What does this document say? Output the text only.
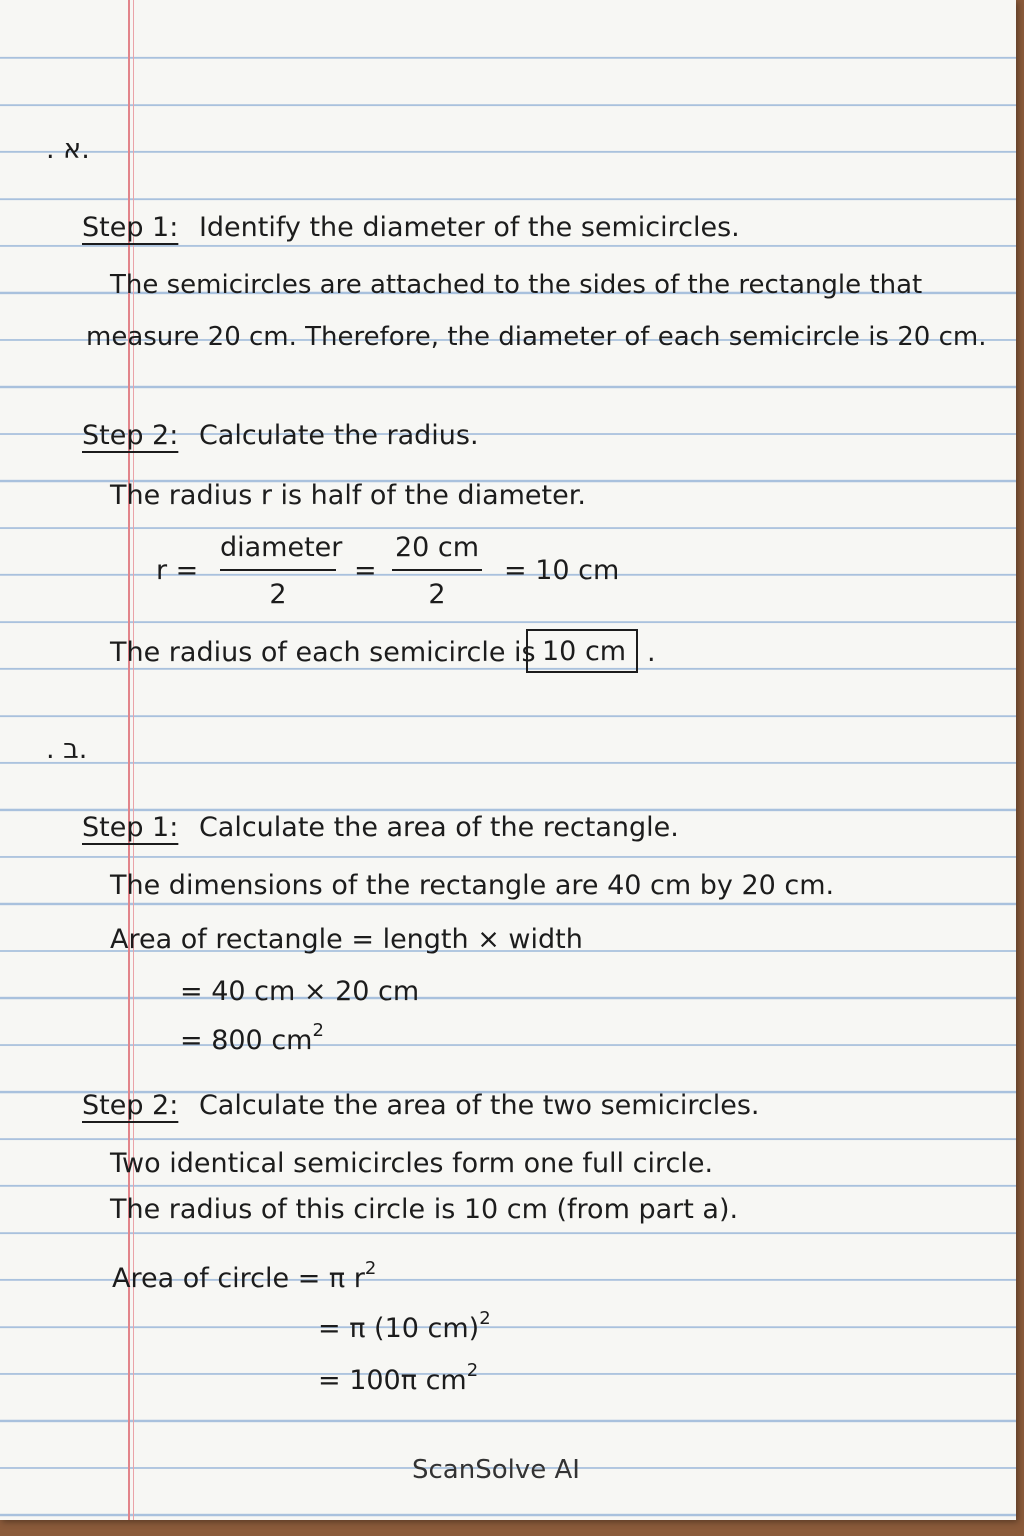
. א.
Step 1: Identify the diameter of the semicircles.
The semicircles are attached to the sides of the rectangle that
measure 20 cm. Therefore, the diameter of each semicircle is 20 cm.
Step 2: Calculate the radius.
The radius r is half of the diameter.
r =
diameter
2
=
20 cm
2
= 10 cm
The radius of each semicircle is 10 cm .
. ב.
Step 1: Calculate the area of the rectangle.
The dimensions of the rectangle are 40 cm by 20 cm.
Area of rectangle = length × width
= 40 cm × 20 cm
= 800 $cm^2$
Step 2: Calculate the area of the two semicircles.
Two identical semicircles form one full circle.
The radius of this circle is 10 cm (from part a).
Area of circle = π $r^2$
= π (10 cm)$^2$
= 100π $cm^2$
ScanSolve AI
